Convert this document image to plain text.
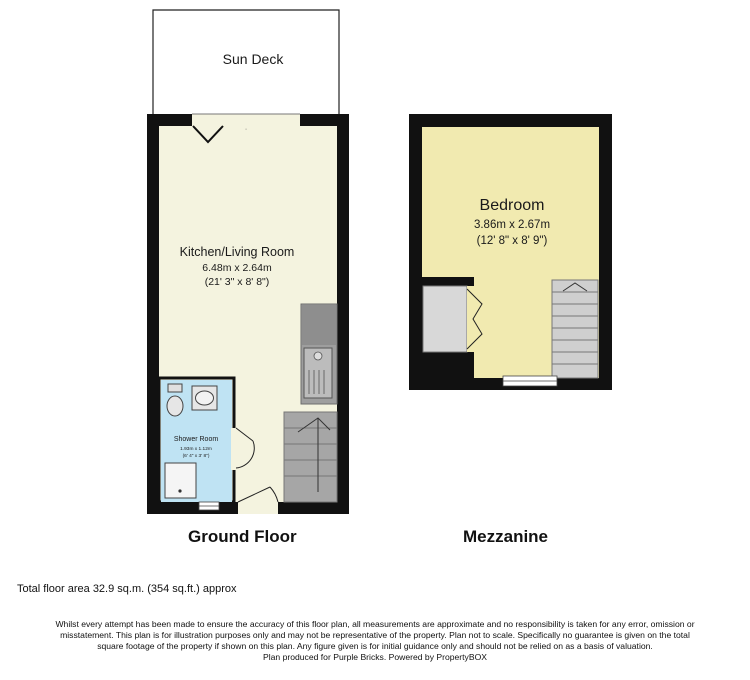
Sun Deck
·
Shower Room
1.93m x 1.12m
(6' 4" x 3' 8")
Kitchen/Living Room
6.48m x 2.64m
(21' 3" x 8' 8")
Bedroom
3.86m x 2.67m
(12' 8" x 8' 9")
Ground Floor	Mezzanine
Total floor area 32.9 sq.m. (354 sq.ft.) approx
Whilst every attempt has been made to ensure the accuracy of this floor plan, all measurements are approximate and no responsibility is taken for any error, omission or
misstatement. This plan is for illustration purposes only and may not be representative of the property. Plan not to scale. Specifically no guarantee is given on the total
square footage of the property if shown on this plan. Any figure given is for initial guidance only and should not be relied on as a basis of valuation.
Plan produced for Purple Bricks. Powered by PropertyBOX
